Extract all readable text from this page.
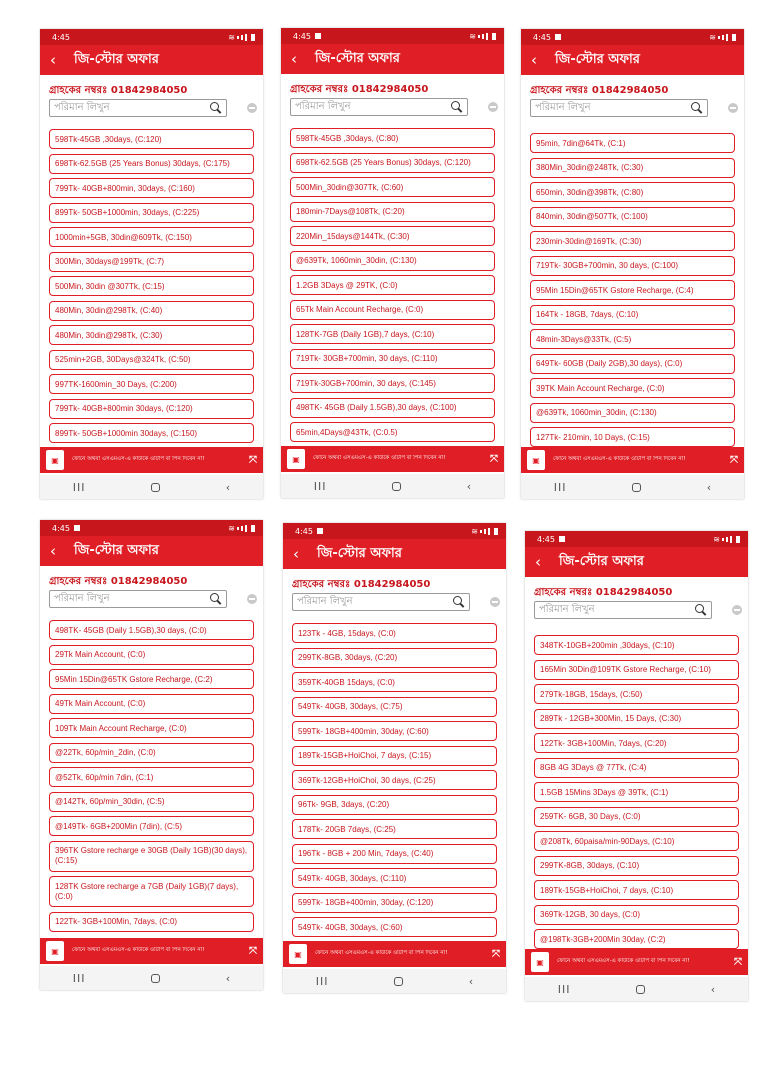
4:45	≋
‹	জি-স্টোর অফার
গ্রাহকের নম্বরঃ 01842984050
পরিমান লিখুন
598Tk-45GB ,30days, (C:120)
698Tk-62.5GB (25 Years Bonus) 30days, (C:175)
799Tk- 40GB+800min, 30days, (C:160)
899Tk- 50GB+1000min, 30days, (C:225)
1000min+5GB, 30din@609Tk, (C:150)
300Min, 30days@199Tk, (C:7)
500Min, 30din @307Tk, (C:15)
480Min, 30din@298Tk, (C:40)
480Min, 30din@298Tk, (C:30)
525min+2GB, 30Days@324Tk, (C:50)
997TK-1600min_30 Days, (C:200)
799Tk- 40GB+800min 30days, (C:120)
899Tk- 50GB+1000min 30days, (C:150)
▣	ফোনে অথবা এসএমএস-এ কাউকে ওটিপি বা পিন দিবেন না!	⤧
III	‹
4:45	≋
‹	জি-স্টোর অফার
গ্রাহকের নম্বরঃ 01842984050
পরিমান লিখুন
598Tk-45GB ,30days, (C:80)
698Tk-62.5GB (25 Years Bonus) 30days, (C:120)
500Min_30din@307Tk, (C:60)
180min-7Days@108Tk, (C:20)
220Min_15days@144Tk, (C:30)
@639Tk, 1060min_30din, (C:130)
1.2GB 3Days @ 29TK, (C:0)
65Tk Main Account Recharge, (C:0)
128TK-7GB (Daily 1GB),7 days, (C:10)
719Tk- 30GB+700min, 30 days, (C:110)
719Tk-30GB+700min, 30 days, (C:145)
498TK- 45GB (Daily 1.5GB),30 days, (C:100)
65min,4Days@43Tk, (C:0.5)
▣	ফোনে অথবা এসএমএস-এ কাউকে ওটিপি বা পিন দিবেন না!	⤧
III	‹
4:45	≋
‹	জি-স্টোর অফার
গ্রাহকের নম্বরঃ 01842984050
পরিমান লিখুন
95min, 7din@64Tk, (C:1)
380Min_30din@248Tk, (C:30)
650min, 30din@398Tk, (C:80)
840min, 30din@507Tk, (C:100)
230min-30din@169Tk, (C:30)
719Tk- 30GB+700min, 30 days, (C:100)
95Min 15Din@65TK Gstore Recharge, (C:4)
164Tk - 18GB, 7days, (C:10)
48min-3Days@33Tk, (C:5)
649Tk- 60GB (Daily 2GB),30 days), (C:0)
39TK Main Account Recharge, (C:0)
@639Tk, 1060min_30din, (C:130)
127Tk- 210min, 10 Days, (C:15)
▣	ফোনে অথবা এসএমএস-এ কাউকে ওটিপি বা পিন দিবেন না!	⤧
III	‹
4:45	≋
‹	জি-স্টোর অফার
গ্রাহকের নম্বরঃ 01842984050
পরিমান লিখুন
498TK- 45GB (Daily 1.5GB),30 days, (C:0)
29Tk Main Account, (C:0)
95Min 15Din@65TK Gstore Recharge, (C:2)
49Tk Main Account, (C:0)
109Tk Main Account Recharge, (C:0)
@22Tk, 60p/min_2din, (C:0)
@52Tk, 60p/min 7din, (C:1)
@142Tk, 60p/min_30din, (C:5)
@149Tk- 6GB+200Min (7din), (C:5)
396TK Gstore recharge e 30GB (Daily 1GB)(30 days), (C:15)
128TK Gstore recharge a 7GB (Daily 1GB)(7 days), (C:0)
122Tk- 3GB+100Min, 7days, (C:0)
▣	ফোনে অথবা এসএমএস-এ কাউকে ওটিপি বা পিন দিবেন না!	⤧
III	‹
4:45	≋
‹	জি-স্টোর অফার
গ্রাহকের নম্বরঃ 01842984050
পরিমান লিখুন
123Tk - 4GB, 15days, (C:0)
299TK-8GB, 30days, (C:20)
359TK-40GB 15days, (C:0)
549Tk- 40GB, 30days, (C:75)
599Tk- 18GB+400min, 30day, (C:60)
189Tk-15GB+HoiChoi, 7 days, (C:15)
369Tk-12GB+HoiChoi, 30 days, (C:25)
96Tk- 9GB, 3days, (C:20)
178Tk- 20GB 7days, (C:25)
196Tk - 8GB + 200 Min, 7days, (C:40)
549Tk- 40GB, 30days, (C:110)
599Tk- 18GB+400min, 30day, (C:120)
549Tk- 40GB, 30days, (C:60)
▣	ফোনে অথবা এসএমএস-এ কাউকে ওটিপি বা পিন দিবেন না!	⤧
III	‹
4:45	≋
‹	জি-স্টোর অফার
গ্রাহকের নম্বরঃ 01842984050
পরিমান লিখুন
348TK-10GB+200min ,30days, (C:10)
165Min 30Din@109TK Gstore Recharge, (C:10)
279Tk-18GB, 15days, (C:50)
289Tk - 12GB+300Min, 15 Days, (C:30)
122Tk- 3GB+100Min, 7days, (C:20)
8GB 4G 3Days @ 77Tk, (C:4)
1.5GB 15Mins 3Days @ 39Tk, (C:1)
259TK- 6GB, 30 Days, (C:0)
@208Tk, 60paisa/min-90Days, (C:10)
299TK-8GB, 30days, (C:10)
189Tk-15GB+HoiChoi, 7 days, (C:10)
369Tk-12GB, 30 days, (C:0)
@198Tk-3GB+200Min 30day, (C:2)
▣	ফোনে অথবা এসএমএস-এ কাউকে ওটিপি বা পিন দিবেন না!	⤧
III	‹
